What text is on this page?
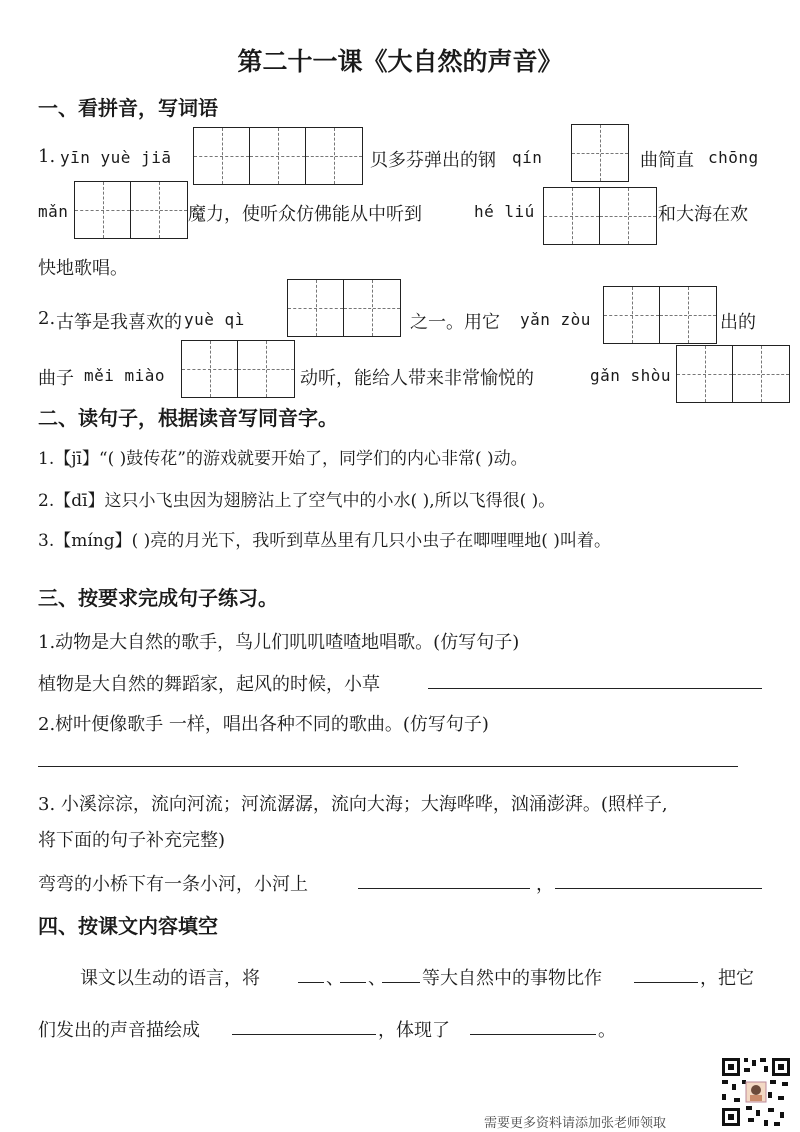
第二十一课《大自然的声音》
一、看拼音，写词语
1. yīn yuè jiā	贝多芬弹出的钢 qín	曲简直 chōng
mǎn	魔力，使听众仿佛能从中听到	hé liú	和大海在欢
快地歌唱。
2. 古筝是我喜欢的 yuè qì	之一。用它 yǎn zòu	出的
曲子 měi miào	动听，能给人带来非常愉悦的	gǎn shòu
二、读句子，根据读音写同音字。
1.【jī】“( )鼓传花”的游戏就要开始了，同学们的内心非常( )动。
2.【dī】这只小飞虫因为翅膀沾上了空气中的小水( ),所以飞得很( )。
3.【míng】( )亮的月光下，我听到草丛里有几只小虫子在唧哩哩地( )叫着。
三、按要求完成句子练习。
1.动物是大自然的歌手，鸟儿们叽叽喳喳地唱歌。(仿写句子)
植物是大自然的舞蹈家，起风的时候，小草
2.树叶便像歌手 一样，唱出各种不同的歌曲。(仿写句子)
3. 小溪淙淙，流向河流；河流潺潺，流向大海；大海哗哗，汹涌澎湃。(照样子,
将下面的句子补充完整)
弯弯的小桥下有一条小河，小河上	，
四、按课文内容填空
课文以生动的语言，将	、 、 等大自然中的事物比作	，把它
们发出的声音描绘成	，体现了	。
需要更多资料请添加张老师领取
